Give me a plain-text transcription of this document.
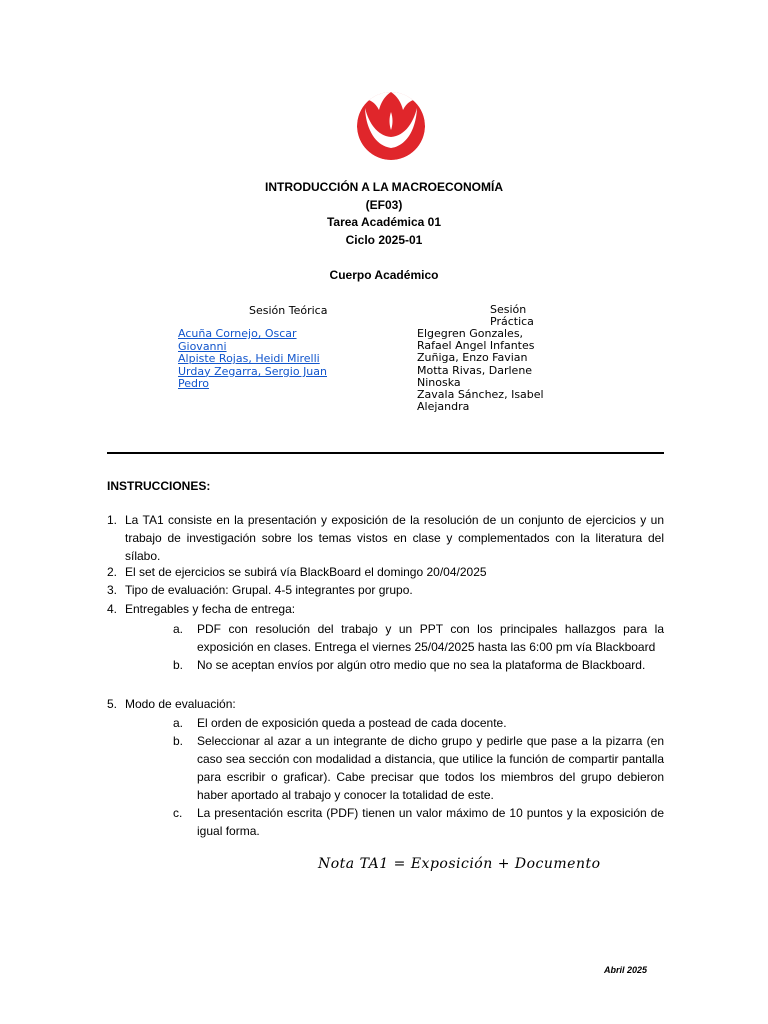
INTRODUCCIÓN A LA MACROECONOMÍA
(EF03)
Tarea Académica 01
Ciclo 2025-01
Cuerpo Académico
Sesión Teórica	Sesión
Práctica
Acuña Cornejo, Oscar
Giovanni
Alpiste Rojas, Heidi Mirelli
Urday Zegarra, Sergio Juan
Pedro
Elgegren Gonzales,
Rafael Angel Infantes
Zuñiga, Enzo Favian
Motta Rivas, Darlene
Ninoska
Zavala Sánchez, Isabel
Alejandra
INSTRUCCIONES:
1. La TA1 consiste en la presentación y exposición de la resolución de un conjunto de ejercicios y un trabajo de investigación sobre los temas vistos en clase y complementados con la literatura del sílabo.
2. El set de ejercicios se subirá vía BlackBoard el domingo 20/04/2025
3. Tipo de evaluación: Grupal. 4-5 integrantes por grupo.
4. Entregables y fecha de entrega:
a. PDF con resolución del trabajo y un PPT con los principales hallazgos para la exposición en clases. Entrega el viernes 25/04/2025 hasta las 6:00 pm vía Blackboard
b. No se aceptan envíos por algún otro medio que no sea la plataforma de Blackboard.
5. Modo de evaluación:
a. El orden de exposición queda a postead de cada docente.
b. Seleccionar al azar a un integrante de dicho grupo y pedirle que pase a la pizarra (en caso sea sección con modalidad a distancia, que utilice la función de compartir pantalla para escribir o graficar). Cabe precisar que todos los miembros del grupo debieron haber aportado al trabajo y conocer la totalidad de este.
c. La presentación escrita (PDF) tienen un valor máximo de 10 puntos y la exposición de igual forma.
Nota TA1 = Exposición + Documento
Abril 2025
